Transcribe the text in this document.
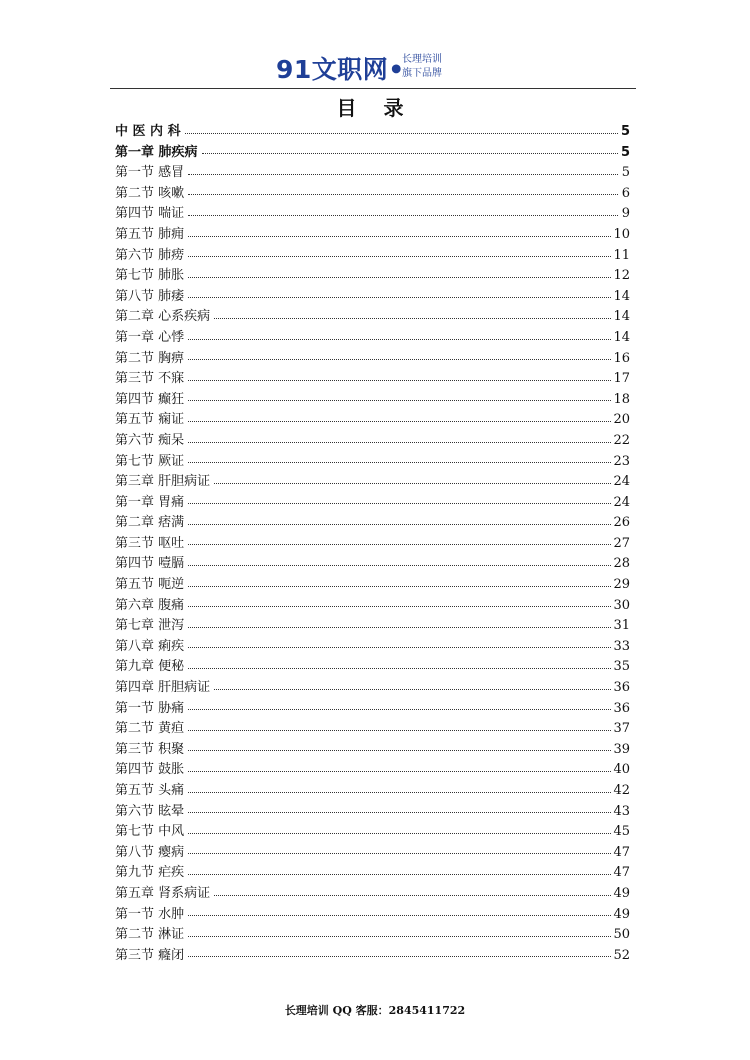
91文职网•
长理培训
旗下品牌
目 录
中 医 内 科	5
第一章 肺疾病	5
第一节 感冒	5
第二节 咳嗽	6
第四节 喘证	9
第五节 肺痈	10
第六节 肺痨	11
第七节 肺胀	12
第八节 肺痿	14
第二章 心系疾病	14
第一章 心悸	14
第二节 胸痹	16
第三节 不寐	17
第四节 癫狂	18
第五节 痫证	20
第六节 痴呆	22
第七节 厥证	23
第三章 肝胆病证	24
第一章 胃痛	24
第二章 痞满	26
第三节 呕吐	27
第四节 噎膈	28
第五节 呃逆	29
第六章 腹痛	30
第七章 泄泻	31
第八章 痢疾	33
第九章 便秘	35
第四章 肝胆病证	36
第一节 胁痛	36
第二节 黄疸	37
第三节 积聚	39
第四节 鼓胀	40
第五节 头痛	42
第六节 眩晕	43
第七节 中风	45
第八节 瘿病	47
第九节 疟疾	47
第五章 肾系病证	49
第一节 水肿	49
第二节 淋证	50
第三节 癃闭	52
长理培训 QQ 客服：2845411722
